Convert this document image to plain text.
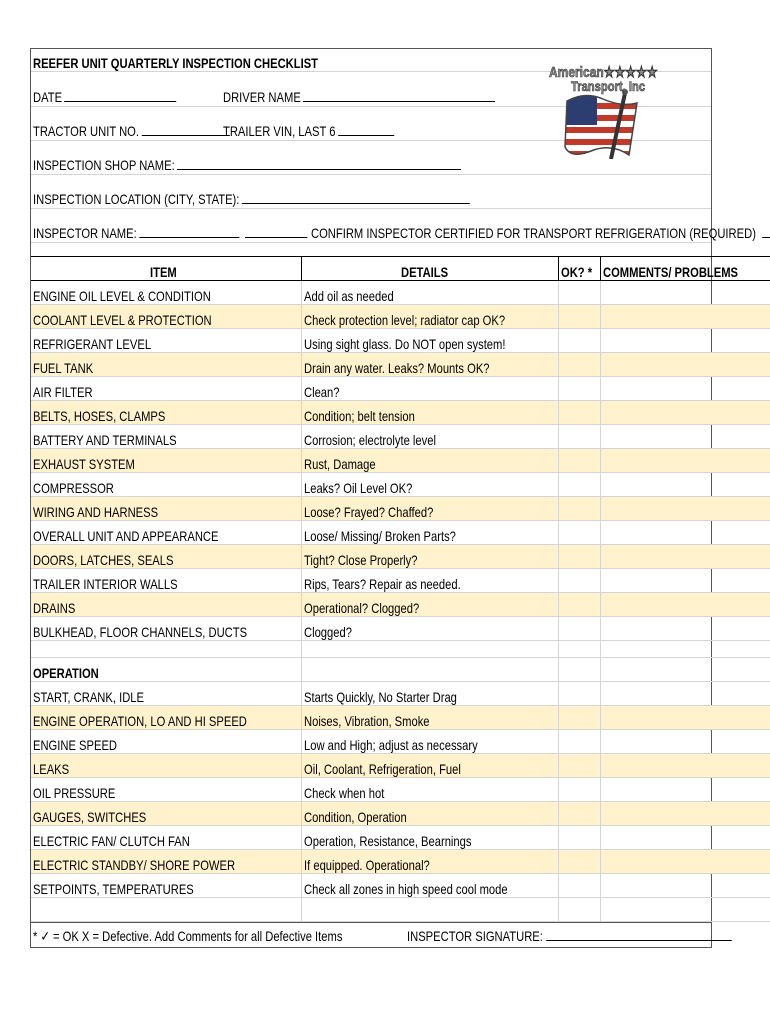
REEFER UNIT QUARTERLY INSPECTION CHECKLIST
DATE	DRIVER NAME
TRACTOR UNIT NO.	TRAILER VIN, LAST 6
INSPECTION SHOP NAME:
INSPECTION LOCATION (CITY, STATE):
INSPECTOR NAME:	CONFIRM INSPECTOR CERTIFIED FOR TRANSPORT REFRIGERATION (REQUIRED)
American★★★★★
Transport, Inc
ITEM	DETAILS	OK? *	COMMENTS/ PROBLEMS
ENGINE OIL LEVEL & CONDITION	Add oil as needed		
COOLANT LEVEL & PROTECTION	Check protection level; radiator cap OK?		
REFRIGERANT LEVEL	Using sight glass. Do NOT open system!		
FUEL TANK	Drain any water. Leaks? Mounts OK?		
AIR FILTER	Clean?		
BELTS, HOSES, CLAMPS	Condition; belt tension		
BATTERY AND TERMINALS	Corrosion; electrolyte level		
EXHAUST SYSTEM	Rust, Damage		
COMPRESSOR	Leaks? Oil Level OK?		
WIRING AND HARNESS	Loose? Frayed? Chaffed?		
OVERALL UNIT AND APPEARANCE	Loose/ Missing/ Broken Parts?		
DOORS, LATCHES, SEALS	Tight? Close Properly?		
TRAILER INTERIOR WALLS	Rips, Tears? Repair as needed.		
DRAINS	Operational? Clogged?		
BULKHEAD, FLOOR CHANNELS, DUCTS	Clogged?		

OPERATION			
START, CRANK, IDLE	Starts Quickly, No Starter Drag		
ENGINE OPERATION, LO AND HI SPEED	Noises, Vibration, Smoke		
ENGINE SPEED	Low and High; adjust as necessary		
LEAKS	Oil, Coolant, Refrigeration, Fuel		
OIL PRESSURE	Check when hot		
GAUGES, SWITCHES	Condition, Operation		
ELECTRIC FAN/ CLUTCH FAN	Operation, Resistance, Bearnings		
ELECTRIC STANDBY/ SHORE POWER	If equipped. Operational?		
SETPOINTS, TEMPERATURES	Check all zones in high speed cool mode		

* ✓ = OK X = Defective. Add Comments for all Defective Items	INSPECTOR SIGNATURE:
